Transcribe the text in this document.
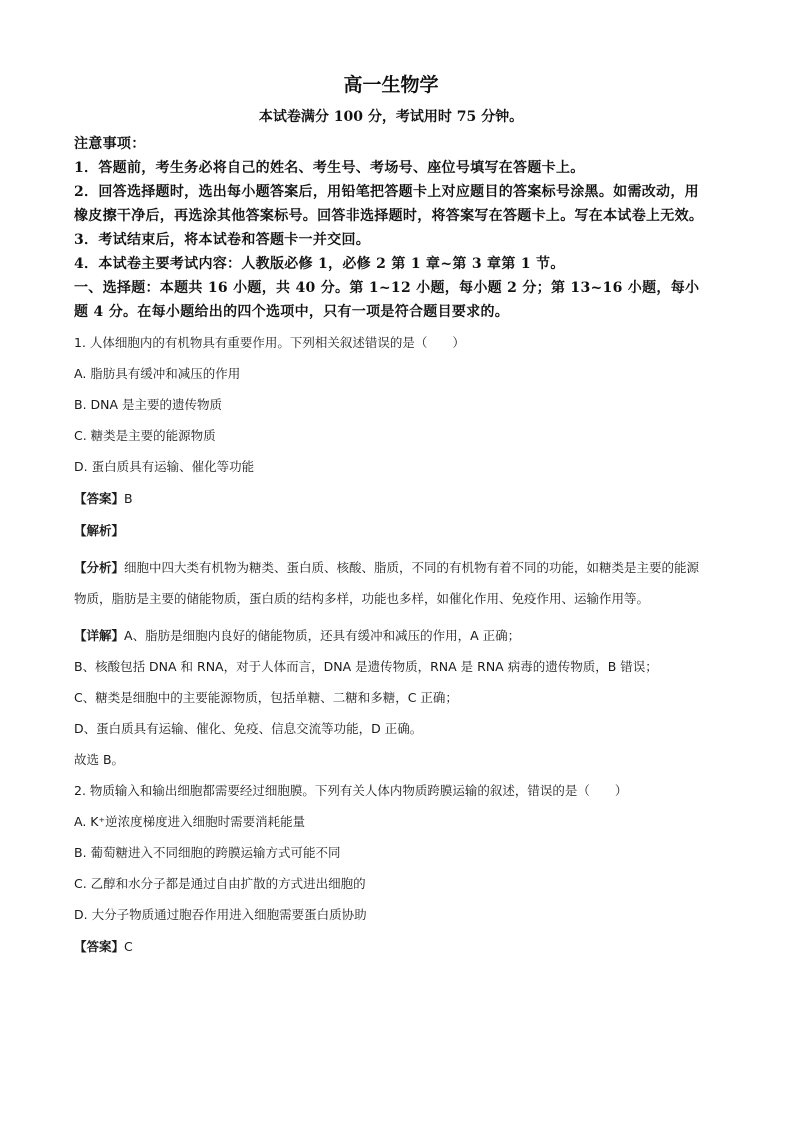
高一生物学

本试卷满分 100 分，考试用时 75 分钟。

注意事项：

1．答题前，考生务必将自己的姓名、考生号、考场号、座位号填写在答题卡上。

2．回答选择题时，选出每小题答案后，用铅笔把答题卡上对应题目的答案标号涂黑。如需改动，用橡皮擦干净后，再选涂其他答案标号。回答非选择题时，将答案写在答题卡上。写在本试卷上无效。

3．考试结束后，将本试卷和答题卡一并交回。

4．本试卷主要考试内容：人教版必修 1，必修 2 第 1 章~第 3 章第 1 节。

一、选择题：本题共 16 小题，共 40 分。第 1~12 小题，每小题 2 分；第 13~16 小题，每小题 4 分。在每小题给出的四个选项中，只有一项是符合题目要求的。

1. 人体细胞内的有机物具有重要作用。下列相关叙述错误的是（　　）

A. 脂肪具有缓冲和减压的作用

B. DNA 是主要的遗传物质

C. 糖类是主要的能源物质

D. 蛋白质具有运输、催化等功能

【答案】B

【解析】

【分析】细胞中四大类有机物为糖类、蛋白质、核酸、脂质，不同的有机物有着不同的功能，如糖类是主要的能源物质，脂肪是主要的储能物质，蛋白质的结构多样，功能也多样，如催化作用、免疫作用、运输作用等。

【详解】A、脂肪是细胞内良好的储能物质，还具有缓冲和减压的作用，A 正确；

B、核酸包括 DNA 和 RNA，对于人体而言，DNA 是遗传物质，RNA 是 RNA 病毒的遗传物质，B 错误；

C、糖类是细胞中的主要能源物质，包括单糖、二糖和多糖，C 正确；

D、蛋白质具有运输、催化、免疫、信息交流等功能，D 正确。

故选 B。

2. 物质输入和输出细胞都需要经过细胞膜。下列有关人体内物质跨膜运输的叙述，错误的是（　　）

A. K⁺逆浓度梯度进入细胞时需要消耗能量

B. 葡萄糖进入不同细胞的跨膜运输方式可能不同

C. 乙醇和水分子都是通过自由扩散的方式进出细胞的

D. 大分子物质通过胞吞作用进入细胞需要蛋白质协助

【答案】C
